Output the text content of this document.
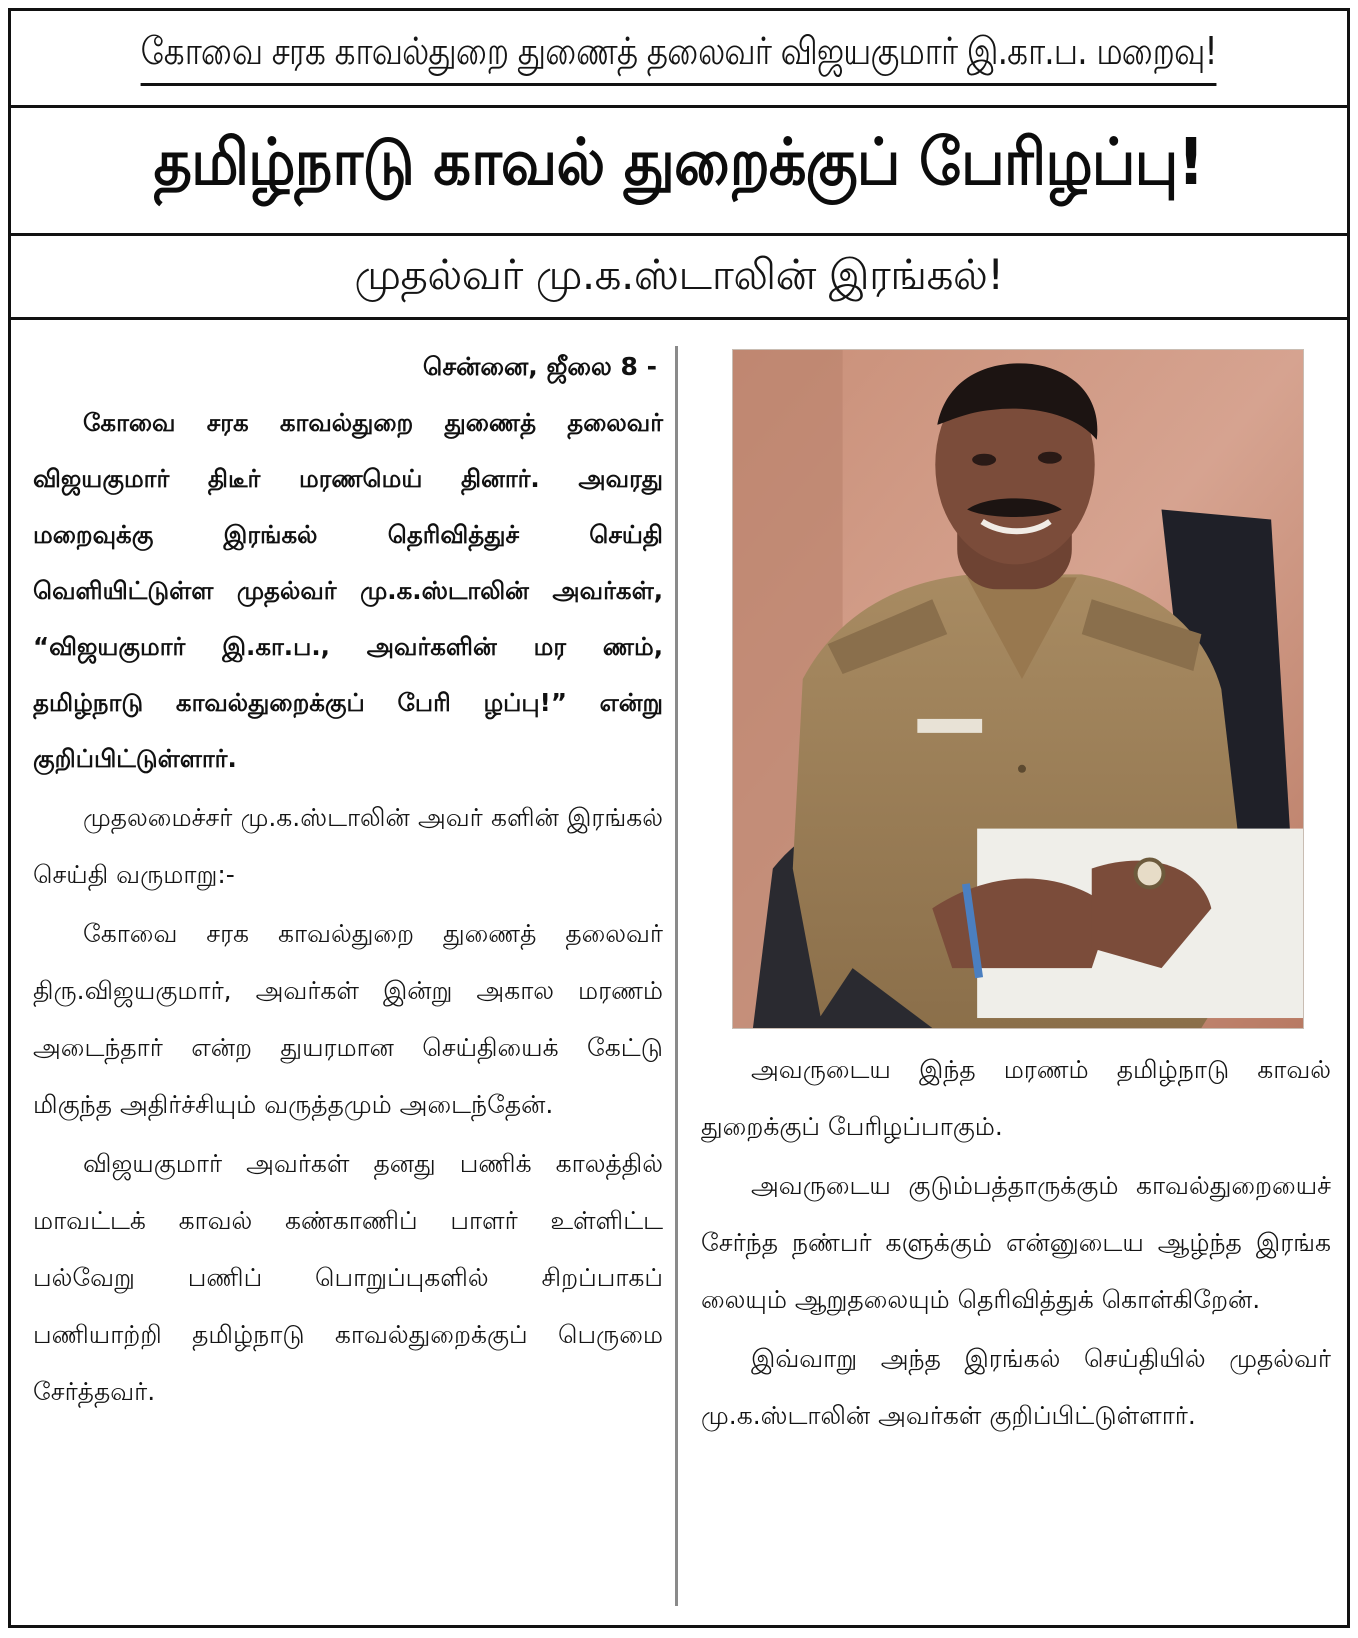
கோவை சரக காவல்துறை துணைத் தலைவர் விஜயகுமார் இ.கா.ப. மறைவு!
தமிழ்நாடு காவல் துறைக்குப் பேரிழப்பு!
முதல்வர் மு.க.ஸ்டாலின் இரங்கல்!
சென்னை, ஜீலை 8 -

கோவை சரக காவல்துறை துணைத் தலைவர் விஜயகுமார் திடீர் மரணமெய் தினார். அவரது மறைவுக்கு இரங்கல் தெரிவித்துச் செய்தி வெளியிட்டுள்ள முதல்வர் மு.க.ஸ்டாலின் அவர்கள், “விஜயகுமார் இ.கா.ப., அவர்களின் மர ணம், தமிழ்நாடு காவல்துறைக்குப் பேரி ழப்பு!” என்று குறிப்பிட்டுள்ளார்.

முதலமைச்சர் மு.க.ஸ்டாலின் அவர் களின் இரங்கல் செய்தி வருமாறு:-

கோவை சரக காவல்துறை துணைத் தலைவர் திரு.விஜயகுமார், அவர்கள் இன்று அகால மரணம் அடைந்தார் என்ற துயரமான செய்தியைக் கேட்டு மிகுந்த அதிர்ச்சியும் வருத்தமும் அடைந்தேன்.

விஜயகுமார் அவர்கள் தனது பணிக் காலத்தில் மாவட்டக் காவல் கண்காணிப் பாளர் உள்ளிட்ட பல்வேறு பணிப் பொறுப்புகளில் சிறப்பாகப் பணியாற்றி தமிழ்நாடு காவல்துறைக்குப் பெருமை சேர்த்தவர்.

அவருடைய இந்த மரணம் தமிழ்நாடு காவல் துறைக்குப் பேரிழப்பாகும்.

அவருடைய குடும்பத்தாருக்கும் காவல்துறையைச் சேர்ந்த நண்பர் களுக்கும் என்னுடைய ஆழ்ந்த இரங்க லையும் ஆறுதலையும் தெரிவித்துக் கொள்கிறேன்.

இவ்வாறு அந்த இரங்கல் செய்தியில் முதல்வர் மு.க.ஸ்டாலின் அவர்கள் குறிப்பிட்டுள்ளார்.
